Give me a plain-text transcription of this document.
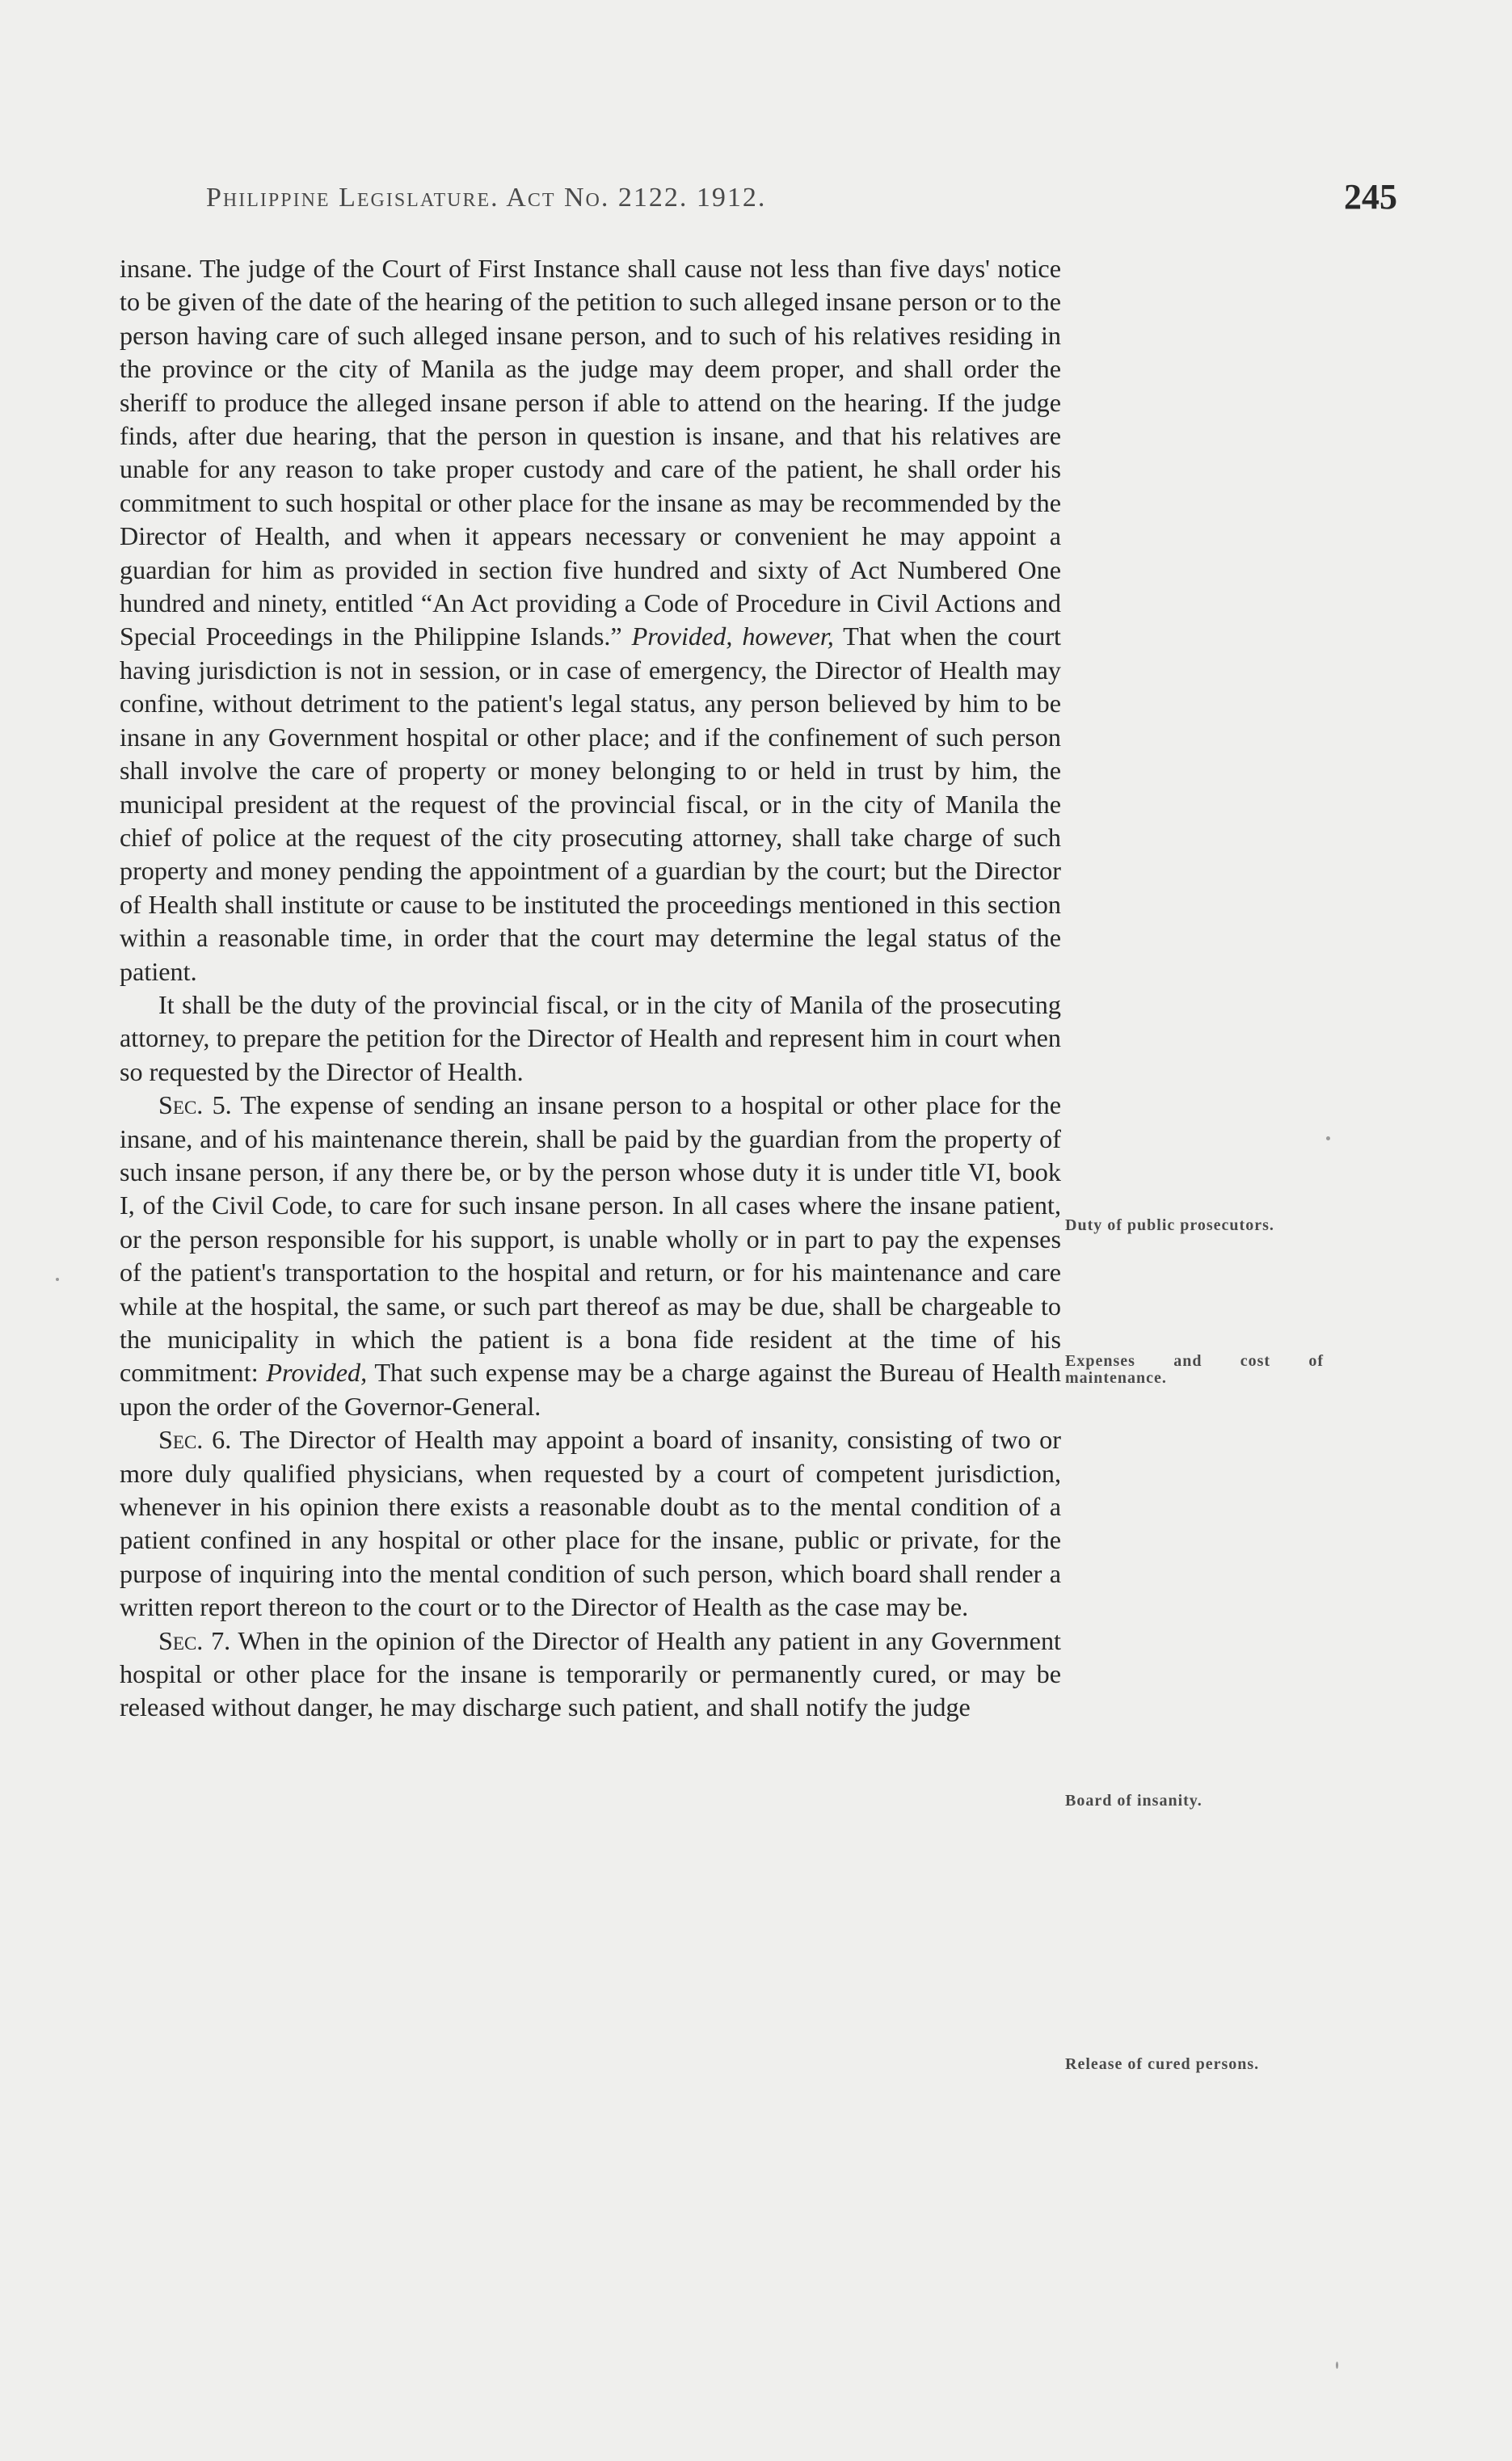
Philippine Legislature. Act No. 2122. 1912.	245

insane. The judge of the Court of First Instance shall cause not less than five days' notice to be given of the date of the hearing of the petition to such alleged insane person or to the person having care of such alleged insane person, and to such of his relatives residing in the province or the city of Manila as the judge may deem proper, and shall order the sheriff to produce the alleged insane person if able to attend on the hearing. If the judge finds, after due hearing, that the person in question is insane, and that his relatives are unable for any reason to take proper custody and care of the patient, he shall order his commitment to such hospital or other place for the insane as may be recommended by the Director of Health, and when it appears necessary or convenient he may appoint a guardian for him as provided in section five hundred and sixty of Act Numbered One hundred and ninety, entitled “An Act providing a Code of Procedure in Civil Actions and Special Proceedings in the Philippine Islands.” Provided, however, That when the court having jurisdiction is not in session, or in case of emergency, the Director of Health may confine, without detriment to the patient's legal status, any person believed by him to be insane in any Government hospital or other place; and if the confinement of such person shall involve the care of property or money belonging to or held in trust by him, the municipal president at the request of the provincial fiscal, or in the city of Manila the chief of police at the request of the city prosecuting attorney, shall take charge of such property and money pending the appointment of a guardian by the court; but the Director of Health shall institute or cause to be instituted the proceedings mentioned in this section within a reasonable time, in order that the court may determine the legal status of the patient.

It shall be the duty of the provincial fiscal, or in the city of Manila of the prosecuting attorney, to prepare the petition for the Director of Health and represent him in court when so requested by the Director of Health.

Sec. 5. The expense of sending an insane person to a hospital or other place for the insane, and of his maintenance therein, shall be paid by the guardian from the property of such insane person, if any there be, or by the person whose duty it is under title VI, book I, of the Civil Code, to care for such insane person. In all cases where the insane patient, or the person responsible for his support, is unable wholly or in part to pay the expenses of the patient's transportation to the hospital and return, or for his maintenance and care while at the hospital, the same, or such part thereof as may be due, shall be chargeable to the municipality in which the patient is a bona fide resident at the time of his commitment: Provided, That such expense may be a charge against the Bureau of Health upon the order of the Governor-General.

Sec. 6. The Director of Health may appoint a board of insanity, consisting of two or more duly qualified physicians, when requested by a court of competent jurisdiction, whenever in his opinion there exists a reasonable doubt as to the mental condition of a patient confined in any hospital or other place for the insane, public or private, for the purpose of inquiring into the mental condition of such person, which board shall render a written report thereon to the court or to the Director of Health as the case may be.

Sec. 7. When in the opinion of the Director of Health any patient in any Government hospital or other place for the insane is temporarily or permanently cured, or may be released without danger, he may discharge such patient, and shall notify the judge

Duty of public prosecutors.
Expenses and cost of maintenance.
Board of insanity.
Release of cured persons.
